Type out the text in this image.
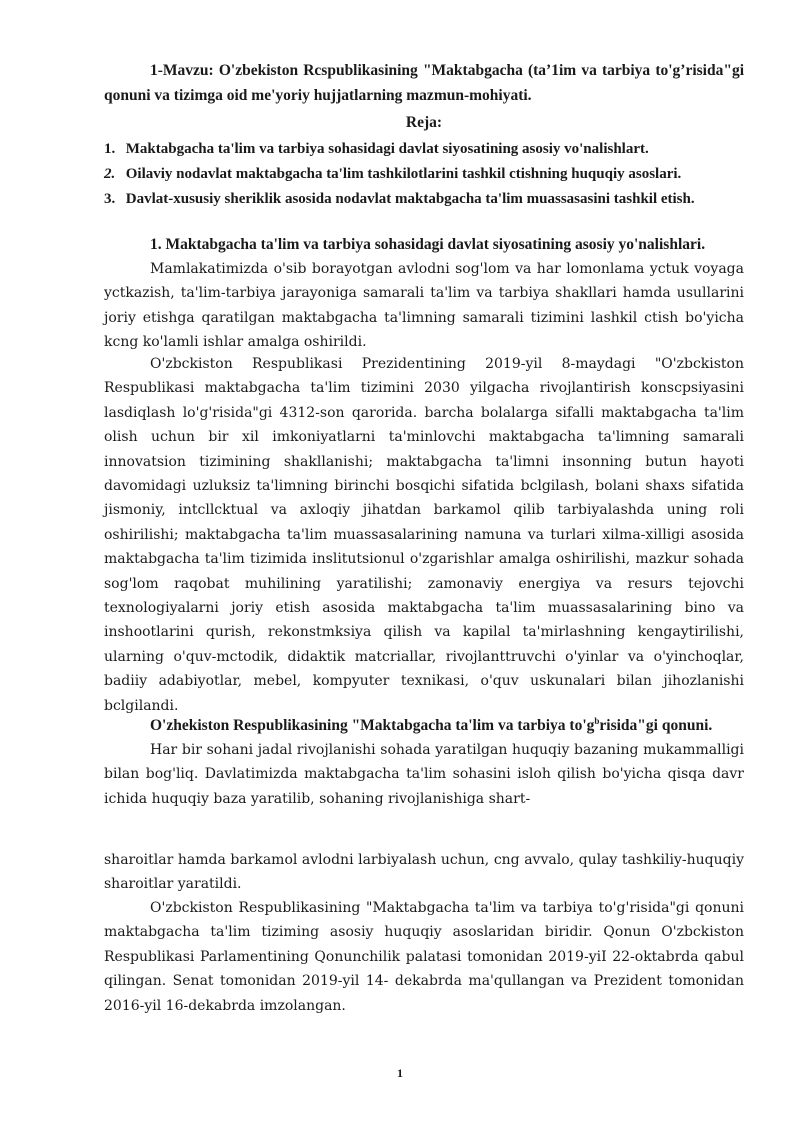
1-Mavzu: O'zbekiston Rcspublikasining "Maktabgacha (ta’1im va tarbiya to'gʼrisida"gi qonuni va tizimga oid me'yoriy hujjatlarning mazmun-mohiyati.
Reja:
1. Maktabgacha ta'lim va tarbiya sohasidagi davlat siyosatining asosiy vo'nalishlart.
2. Oilaviy nodavlat maktabgacha ta'lim tashkilotlarini tashkil ctishning huquqiy asoslari.
3. Davlat-xususiy sheriklik asosida nodavlat maktabgacha ta'lim muassasasini tashkil etish.
1. Maktabgacha ta'lim va tarbiya sohasidagi davlat siyosatining asosiy yo'nalishlari.

Mamlakatimizda o'sib borayotgan avlodni sog'lom va har lomonlama yctuk voyaga yctkazish, ta'lim-tarbiya jarayoniga samarali ta'lim va tarbiya shakllari hamda usullarini joriy etishga qaratilgan maktabgacha ta'limning samarali tizimini lashkil ctish bo'yicha kcng ko'lamli ishlar amalga oshirildi.

O'zbckiston Respublikasi Prezidentining 2019-yil 8-maydagi "O'zbckiston Respublikasi maktabgacha ta'lim tizimini 2030 yilgacha rivojlantirish konscpsiyasini lasdiqlash lo'g'risida"gi 4312-son qarorida. barcha bolalarga sifalli maktabgacha ta'lim olish uchun bir xil imkoniyatlarni ta'minlovchi maktabgacha ta'limning samarali innovatsion tizimining shakllanishi; maktabgacha ta'limni insonning butun hayoti davomidagi uzluksiz ta'limning birinchi bosqichi sifatida bclgilash, bolani shaxs sifatida jismoniy, intcllcktual va axloqiy jihatdan barkamol qilib tarbiyalashda uning roli oshirilishi; maktabgacha ta'lim muassasalarining namuna va turlari xilma-xilligi asosida maktabgacha ta'lim tizimida inslitutsionul o'zgarishlar amalga oshirilishi, mazkur sohada sog'lom raqobat muhilining yaratilishi; zamonaviy energiya va resurs tejovchi texnologiyalarni joriy etish asosida maktabgacha ta'lim muassasalarining bino va inshootlarini qurish, rekonstmksiya qilish va kapilal ta'mirlashning kengaytirilishi, ularning o'quv-mctodik, didaktik matcriallar, rivojlanttruvchi o'yinlar va o'yinchoqlar, badiiy adabiyotlar, mebel, kompyuter texnikasi, o'quv uskunalari bilan jihozlanishi bclgilandi.

O'zhekiston Respublikasining "Maktabgacha ta'lim va tarbiya $to'g^brisida"gi$ qonuni.

Har bir sohani jadal rivojlanishi sohada yaratilgan huquqiy bazaning mukammalligi bilan bog'liq. Davlatimizda maktabgacha ta'lim sohasini isloh qilish bo'yicha qisqa davr ichida huquqiy baza yaratilib, sohaning rivojlanishiga shart-

sharoitlar hamda barkamol avlodni larbiyalash uchun, cng avvalo, qulay tashkiliy-huquqiy sharoitlar yaratildi.

O'zbckiston Respublikasining "Maktabgacha ta'lim va tarbiya to'g'risida"gi qonuni maktabgacha ta'lim tiziming asosiy huquqiy asoslaridan biridir. Qonun O'zbckiston Respublikasi Parlamentining Qonunchilik palatasi tomonidan 2019-yiI 22-oktabrda qabul qilingan. Senat tomonidan 2019-yil 14- dekabrda ma'qullangan va Prezident tomonidan 2016-yil 16-dekabrda imzolangan.

1
